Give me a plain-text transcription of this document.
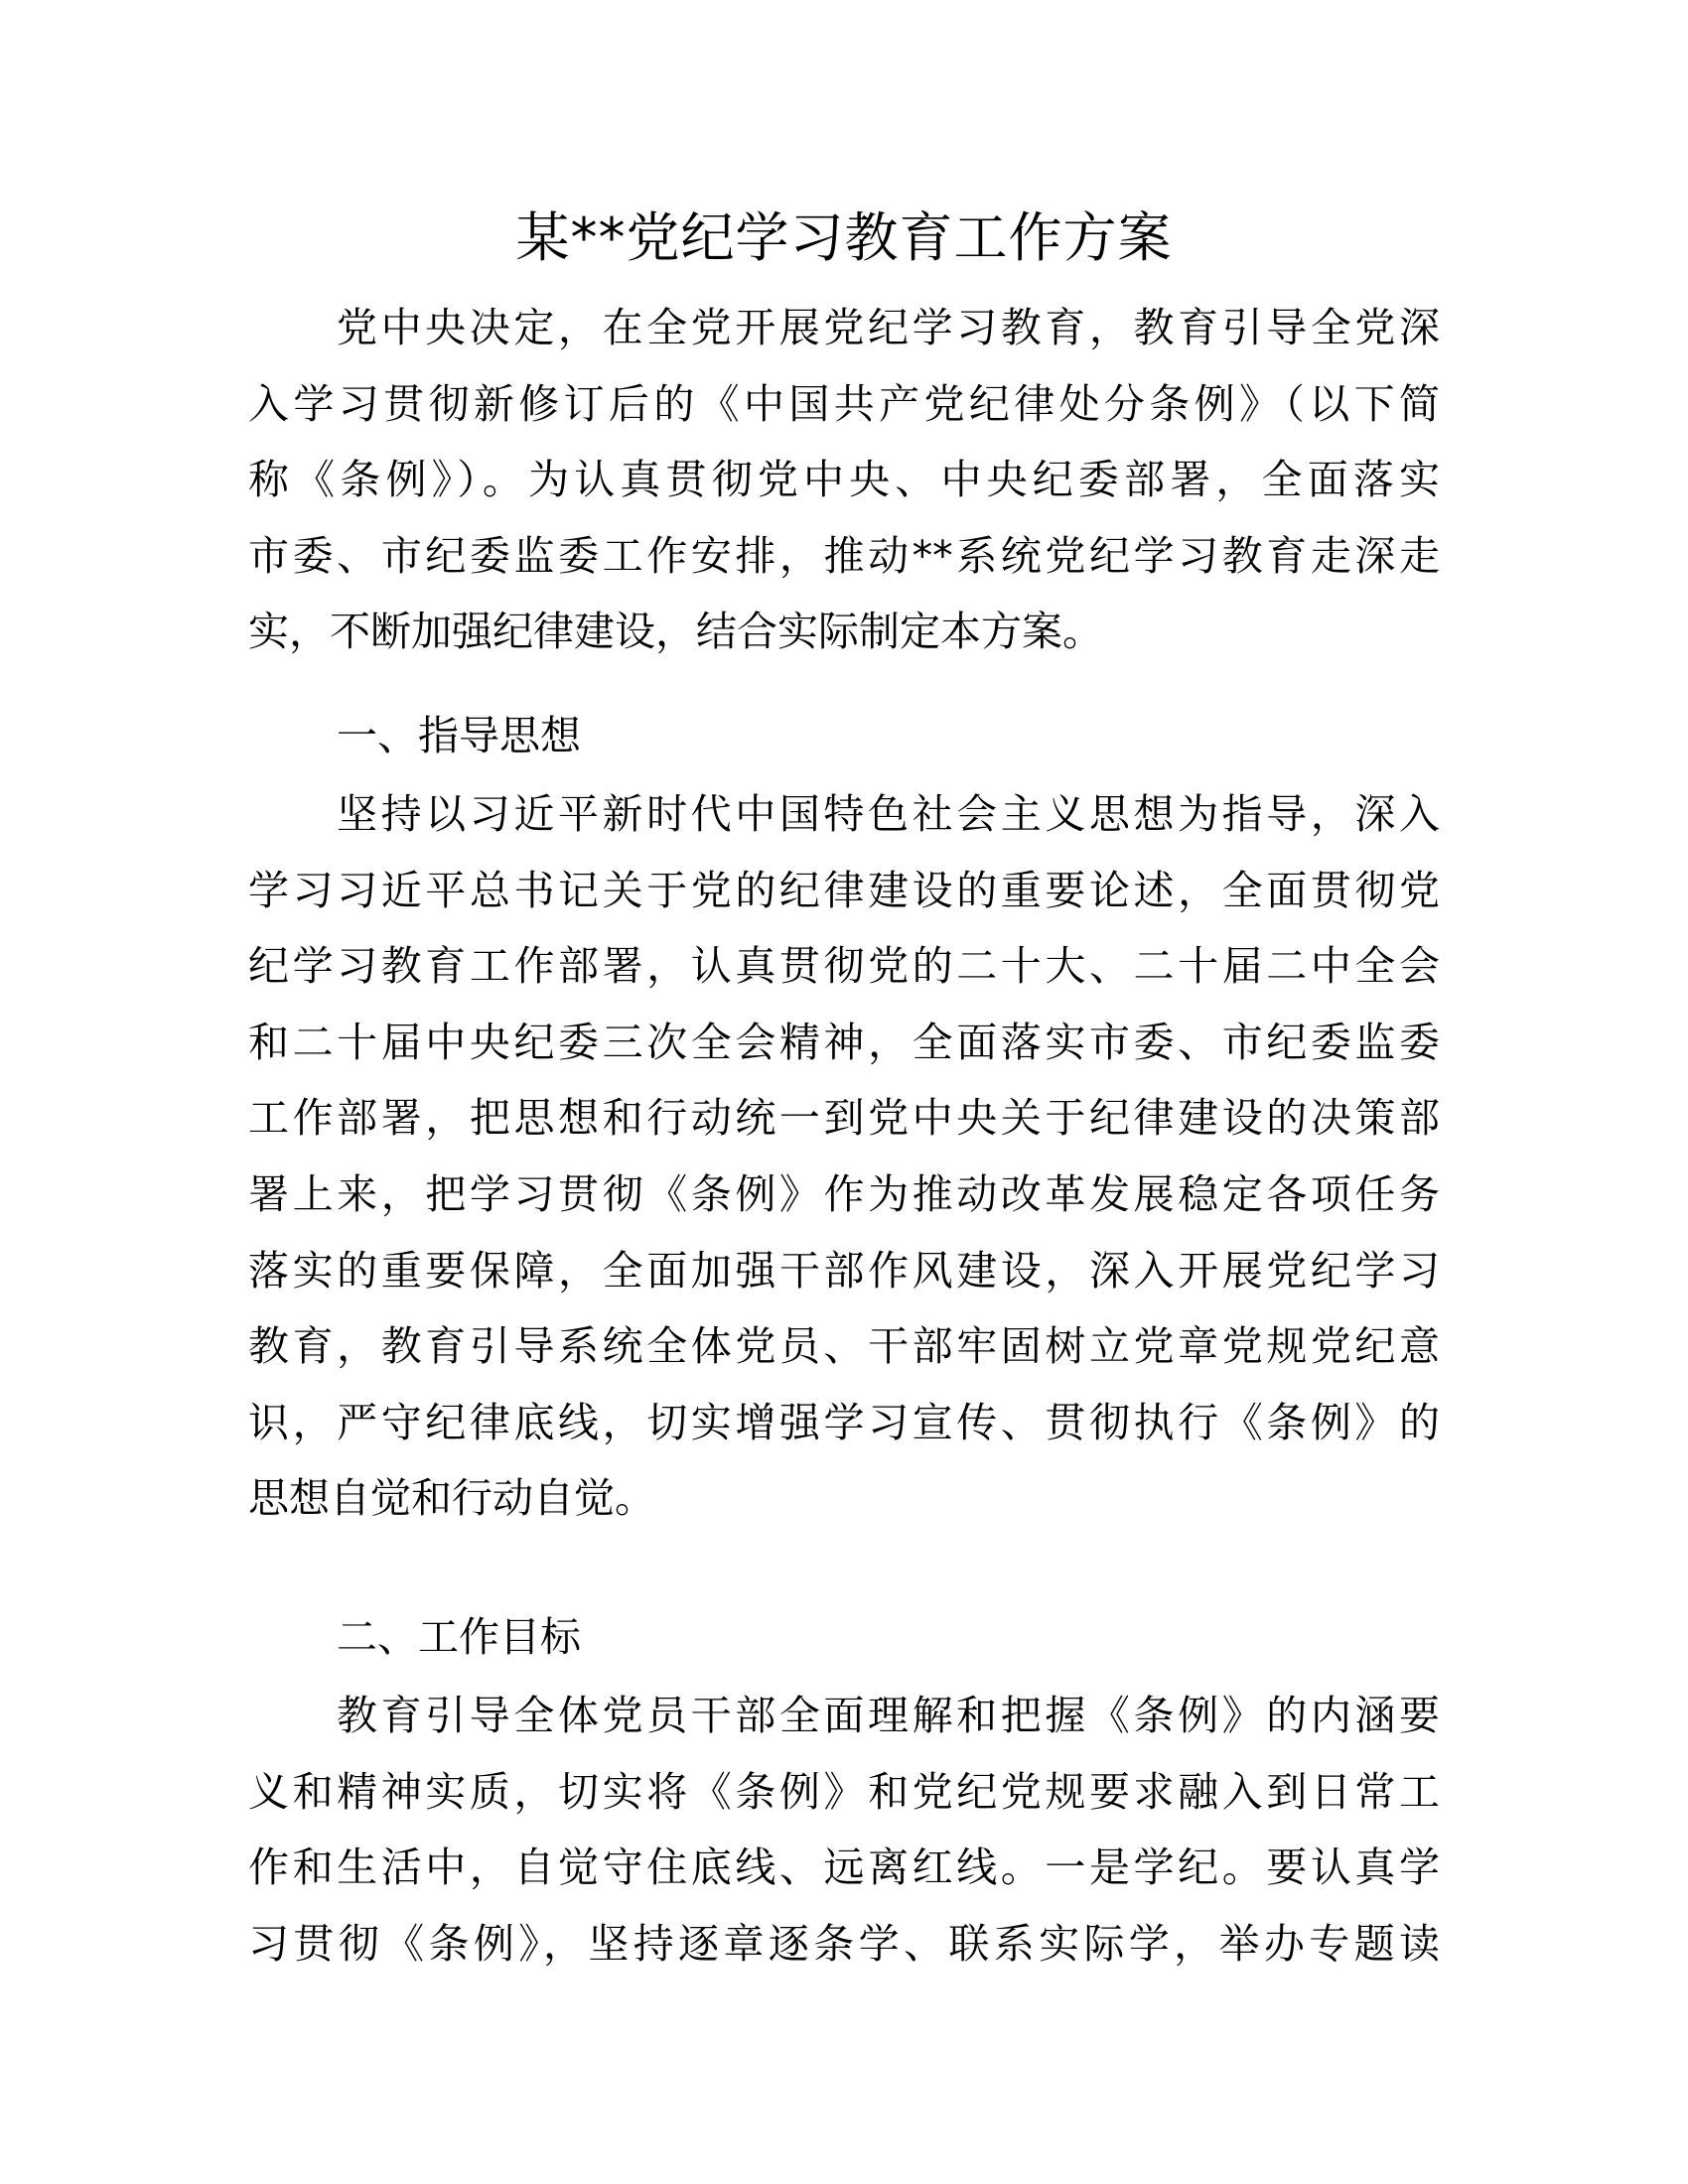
某**党纪学习教育工作方案
党中央决定，在全党开展党纪学习教育，教育引导全党深
入学习贯彻新修订后的《中国共产党纪律处分条例》（以下简
称《条例》）。为认真贯彻党中央、中央纪委部署，全面落实
市委、市纪委监委工作安排，推动**系统党纪学习教育走深走
实，不断加强纪律建设，结合实际制定本方案。
一、指导思想
坚持以习近平新时代中国特色社会主义思想为指导，深入
学习习近平总书记关于党的纪律建设的重要论述，全面贯彻党
纪学习教育工作部署，认真贯彻党的二十大、二十届二中全会
和二十届中央纪委三次全会精神，全面落实市委、市纪委监委
工作部署，把思想和行动统一到党中央关于纪律建设的决策部
署上来，把学习贯彻《条例》作为推动改革发展稳定各项任务
落实的重要保障，全面加强干部作风建设，深入开展党纪学习
教育，教育引导系统全体党员、干部牢固树立党章党规党纪意
识，严守纪律底线，切实增强学习宣传、贯彻执行《条例》的
思想自觉和行动自觉。
二、工作目标
教育引导全体党员干部全面理解和把握《条例》的内涵要
义和精神实质，切实将《条例》和党纪党规要求融入到日常工
作和生活中，自觉守住底线、远离红线。一是学纪。要认真学
习贯彻《条例》，坚持逐章逐条学、联系实际学，举办专题读
